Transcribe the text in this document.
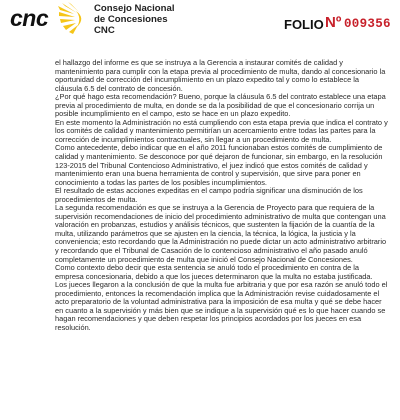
cnc	Consejo Nacional
de Concesiones
CNC	FOLIO Nº 009356

el hallazgo del informe es que se instruya a la Gerencia a instaurar comités de calidad y mantenimiento para cumplir con la etapa previa al procedimiento de multa, dando al concesionario la oportunidad de corrección del incumplimiento en un plazo expedito tal y como lo establece la cláusula 6.5 del contrato de concesión.

¿Por qué hago esta recomendación? Bueno, porque la cláusula 6.5 del contrato establece una etapa previa al procedimiento de multa, en donde se da la posibilidad de que el concesionario corrija un posible incumplimiento en el campo, esto se hace en un plazo expedito.

En este momento la Administración no está cumpliendo con esta etapa previa que indica el contrato y los comités de calidad y mantenimiento permitirían un acercamiento entre todas las partes para la corrección de incumplimientos contractuales, sin llegar a un procedimiento de multa.

Como antecedente, debo indicar que en el año 2011 funcionaban estos comités de cumplimiento de calidad y mantenimiento. Se desconoce por qué dejaron de funcionar, sin embargo, en la resolución 123-2015 del Tribunal Contencioso Administrativo, el juez indicó que estos comités de calidad y mantenimiento eran una buena herramienta de control y supervisión, que sirve para poner en conocimiento a todas las partes de los posibles incumplimientos.

El resultado de estas acciones expeditas en el campo podría significar una disminución de los procedimientos de multa.

La segunda recomendación es que se instruya a la Gerencia de Proyecto para que requiera de la supervisión recomendaciones de inicio del procedimiento administrativo de multa que contengan una valoración en probanzas, estudios y análisis técnicos, que sustenten la fijación de la cuantía de la multa, utilizando parámetros que se ajusten en la ciencia, la técnica, la lógica, la justicia y la conveniencia; esto recordando que la Administración no puede dictar un acto administrativo arbitrario y recordando que el Tribunal de Casación de lo contencioso administrativo el año pasado anuló completamente un procedimiento de multa que inició el Consejo Nacional de Concesiones.

Como contexto debo decir que esta sentencia se anuló todo el procedimiento en contra de la empresa concesionaria, debido a que los jueces determinaron que la multa no estaba justificada.

Los jueces llegaron a la conclusión de que la multa fue arbitraria y que por esa razón se anuló todo el procedimiento, entonces la recomendación implica que la Administración revise cuidadosamente el acto preparatorio de la voluntad administrativa para la imposición de esa multa y qué se debe hacer en cuanto a la supervisión y más bien que se indique a la supervisión qué es lo que hacer cuando se hagan recomendaciones y que deben respetar los principios acordados por los jueces en esa resolución.
